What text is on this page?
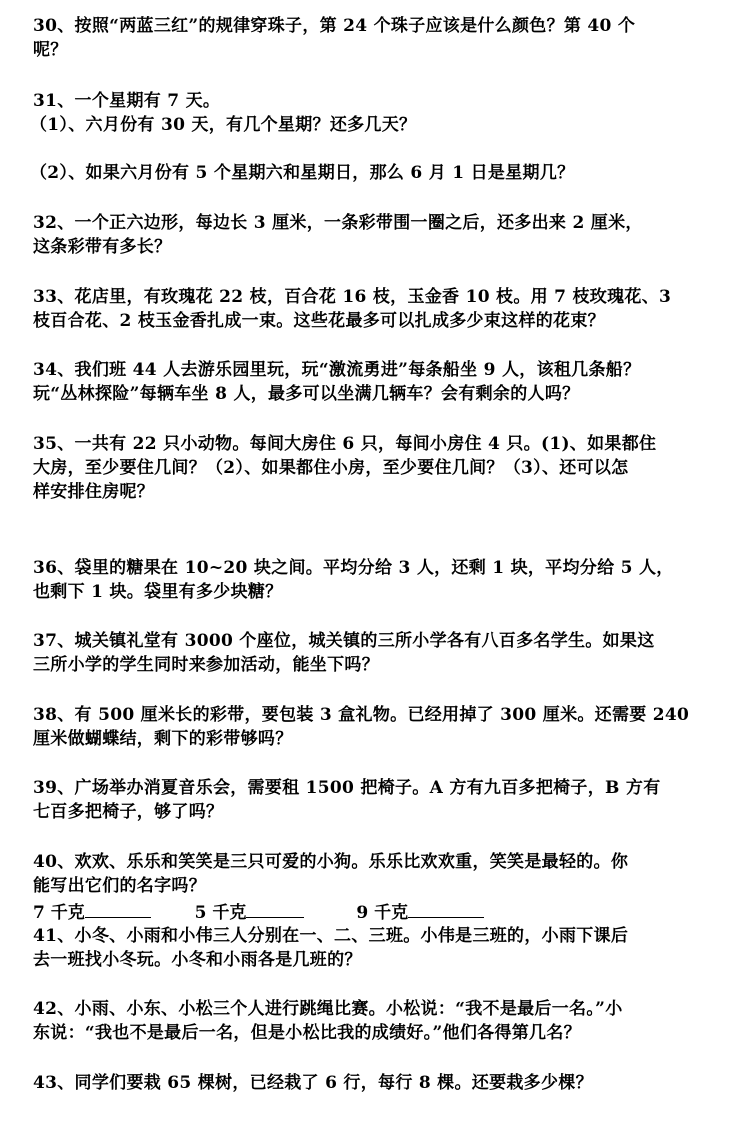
30、按照“两蓝三红”的规律穿珠子，第 24 个珠子应该是什么颜色？第 40 个
呢？
31、一个星期有 7 天。
（1）、六月份有 30 天，有几个星期？还多几天？
（2）、如果六月份有 5 个星期六和星期日，那么 6 月 1 日是星期几？
32、一个正六边形，每边长 3 厘米，一条彩带围一圈之后，还多出来 2 厘米，
这条彩带有多长？
33、花店里，有玫瑰花 22 枝，百合花 16 枝，玉金香 10 枝。用 7 枝玫瑰花、3
枝百合花、2 枝玉金香扎成一束。这些花最多可以扎成多少束这样的花束？
34、我们班 44 人去游乐园里玩，玩“激流勇进”每条船坐 9 人，该租几条船？
玩“丛林探险”每辆车坐 8 人，最多可以坐满几辆车？会有剩余的人吗？
35、一共有 22 只小动物。每间大房住 6 只，每间小房住 4 只。(1)、如果都住
大房，至少要住几间？（2）、如果都住小房，至少要住几间？（3）、还可以怎
样安排住房呢？
36、袋里的糖果在 10~20 块之间。平均分给 3 人，还剩 1 块，平均分给 5 人，
也剩下 1 块。袋里有多少块糖？
37、城关镇礼堂有 3000 个座位，城关镇的三所小学各有八百多名学生。如果这
三所小学的学生同时来参加活动，能坐下吗？
38、有 500 厘米长的彩带，要包装 3 盒礼物。已经用掉了 300 厘米。还需要 240
厘米做蝴蝶结，剩下的彩带够吗？
39、广场举办消夏音乐会，需要租 1500 把椅子。A 方有九百多把椅子，B 方有
七百多把椅子，够了吗？
40、欢欢、乐乐和笑笑是三只可爱的小狗。乐乐比欢欢重，笑笑是最轻的。你
能写出它们的名字吗？
7 千克	5 千克	9 千克
41、小冬、小雨和小伟三人分别在一、二、三班。小伟是三班的，小雨下课后
去一班找小冬玩。小冬和小雨各是几班的？
42、小雨、小东、小松三个人进行跳绳比赛。小松说：“我不是最后一名。”小
东说：“我也不是最后一名，但是小松比我的成绩好。”他们各得第几名？
43、同学们要栽 65 棵树，已经栽了 6 行，每行 8 棵。还要栽多少棵？
